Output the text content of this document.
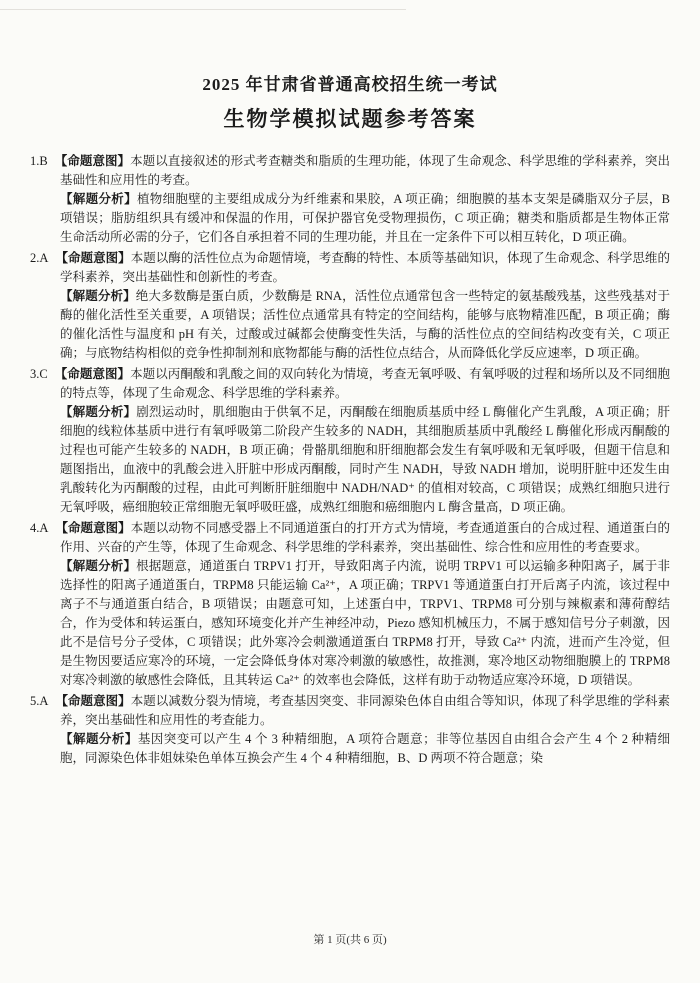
2025 年甘肃省普通高校招生统一考试
生物学模拟试题参考答案

1.B 【命题意图】本题以直接叙述的形式考查糖类和脂质的生理功能，体现了生命观念、科学思维的学科素养，突出基础性和应用性的考查。

【解题分析】植物细胞壁的主要组成成分为纤维素和果胶，A 项正确；细胞膜的基本支架是磷脂双分子层，B 项错误；脂肪组织具有缓冲和保温的作用，可保护器官免受物理损伤，C 项正确；糖类和脂质都是生物体正常生命活动所必需的分子，它们各自承担着不同的生理功能，并且在一定条件下可以相互转化，D 项正确。

2.A 【命题意图】本题以酶的活性位点为命题情境，考查酶的特性、本质等基础知识，体现了生命观念、科学思维的学科素养，突出基础性和创新性的考查。

【解题分析】绝大多数酶是蛋白质，少数酶是 RNA，活性位点通常包含一些特定的氨基酸残基，这些残基对于酶的催化活性至关重要，A 项错误；活性位点通常具有特定的空间结构，能够与底物精准匹配，B 项正确；酶的催化活性与温度和 pH 有关，过酸或过碱都会使酶变性失活，与酶的活性位点的空间结构改变有关，C 项正确；与底物结构相似的竞争性抑制剂和底物都能与酶的活性位点结合，从而降低化学反应速率，D 项正确。

3.C 【命题意图】本题以丙酮酸和乳酸之间的双向转化为情境，考查无氧呼吸、有氧呼吸的过程和场所以及不同细胞的特点等，体现了生命观念、科学思维的学科素养。

【解题分析】剧烈运动时，肌细胞由于供氧不足，丙酮酸在细胞质基质中经 L 酶催化产生乳酸，A 项正确；肝细胞的线粒体基质中进行有氧呼吸第二阶段产生较多的 NADH，其细胞质基质中乳酸经 L 酶催化形成丙酮酸的过程也可能产生较多的 NADH，B 项正确；骨骼肌细胞和肝细胞都会发生有氧呼吸和无氧呼吸，但题干信息和题图指出，血液中的乳酸会进入肝脏中形成丙酮酸，同时产生 NADH，导致 NADH 增加，说明肝脏中还发生由乳酸转化为丙酮酸的过程，由此可判断肝脏细胞中 NADH/NAD⁺ 的值相对较高，C 项错误；成熟红细胞只进行无氧呼吸，癌细胞较正常细胞无氧呼吸旺盛，成熟红细胞和癌细胞内 L 酶含量高，D 项正确。

4.A 【命题意图】本题以动物不同感受器上不同通道蛋白的打开方式为情境，考查通道蛋白的合成过程、通道蛋白的作用、兴奋的产生等，体现了生命观念、科学思维的学科素养，突出基础性、综合性和应用性的考查要求。

【解题分析】根据题意，通道蛋白 TRPV1 打开，导致阳离子内流，说明 TRPV1 可以运输多种阳离子，属于非选择性的阳离子通道蛋白，TRPM8 只能运输 Ca²⁺，A 项正确；TRPV1 等通道蛋白打开后离子内流，该过程中离子不与通道蛋白结合，B 项错误；由题意可知，上述蛋白中，TRPV1、TRPM8 可分别与辣椒素和薄荷醇结合，作为受体和转运蛋白，感知环境变化并产生神经冲动，Piezo 感知机械压力，不属于感知信号分子刺激，因此不是信号分子受体，C 项错误；此外寒冷会刺激通道蛋白 TRPM8 打开，导致 Ca²⁺ 内流，进而产生冷觉，但是生物因要适应寒冷的环境，一定会降低身体对寒冷刺激的敏感性，故推测，寒冷地区动物细胞膜上的 TRPM8 对寒冷刺激的敏感性会降低，且其转运 Ca²⁺ 的效率也会降低，这样有助于动物适应寒冷环境，D 项错误。

5.A 【命题意图】本题以减数分裂为情境，考查基因突变、非同源染色体自由组合等知识，体现了科学思维的学科素养，突出基础性和应用性的考查能力。

【解题分析】基因突变可以产生 4 个 3 种精细胞，A 项符合题意；非等位基因自由组合会产生 4 个 2 种精细胞，同源染色体非姐妹染色单体互换会产生 4 个 4 种精细胞，B、D 两项不符合题意；染

第 1 页(共 6 页)
